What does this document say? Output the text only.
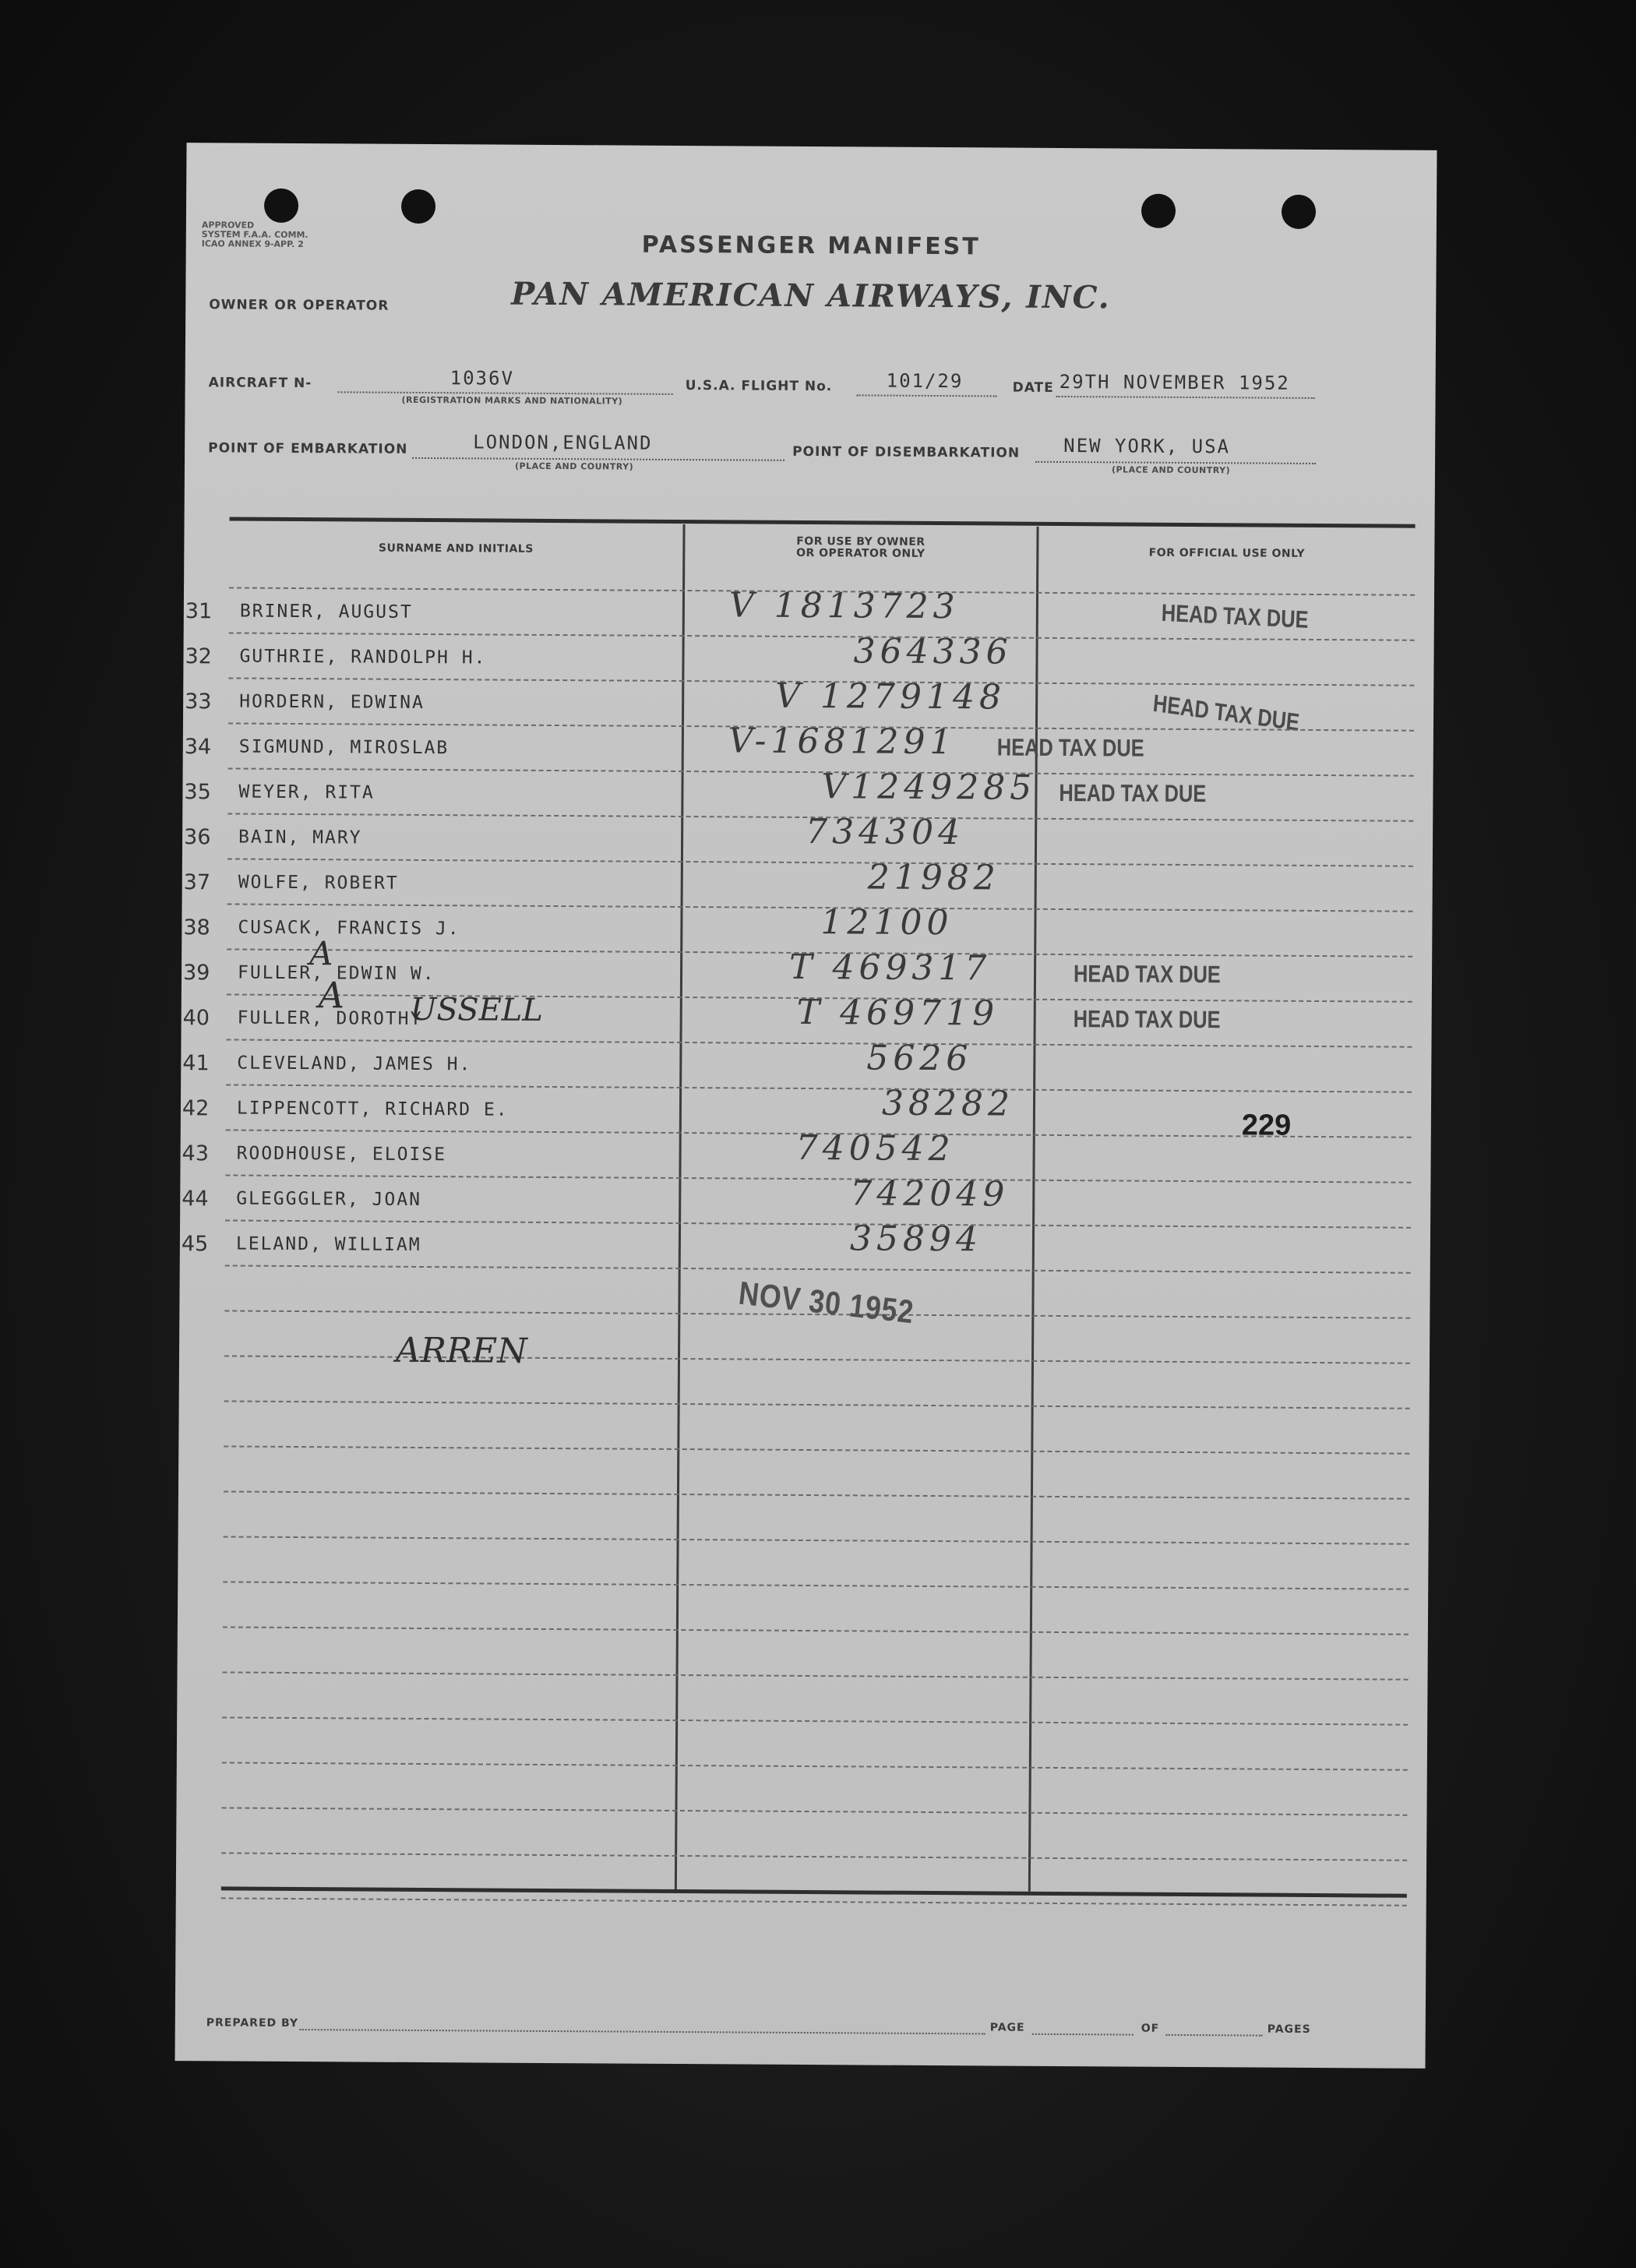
APPROVED
SYSTEM F.A.A. COMM.
ICAO ANNEX 9-APP. 2	PASSENGER MANIFEST
PAN AMERICAN AIRWAYS, INC.
OWNER OR OPERATOR
AIRCRAFT N-	1036V
(REGISTRATION MARKS AND NATIONALITY)
U.S.A. FLIGHT No.	101/29	DATE 29TH NOVEMBER 1952
POINT OF EMBARKATION	LONDON,ENGLAND
(PLACE AND COUNTRY)
POINT OF DISEMBARKATION NEW YORK, USA
(PLACE AND COUNTRY)
SURNAME AND INITIALS
FOR USE BY OWNER
OR OPERATOR ONLY	FOR OFFICIAL USE ONLY
31	BRINER, AUGUST	V 1813723	HEAD TAX DUE
32	GUTHRIE, RANDOLPH H.	364336
33	HORDERN, EDWINA	V 1279148	HEAD TAX DUE
34	SIGMUND, MIROSLAB	V-1681291 HEAD TAX DUE
35	WEYER, RITA	V1249285 HEAD TAX DUE
36	BAIN, MARY	734304
37	WOLFE, ROBERT	21982
38	CUSACK, FRANCIS J.	12100
39	FULLER, EDWIN W.	T 469317	HEAD TAX DUE
40	FULLER, DOROTHY	T 469719	HEAD TAX DUE
41	CLEVELAND, JAMES H.	5626
42	LIPPENCOTT, RICHARD E.	38282
43	ROODHOUSE, ELOISE	740542
229
44	GLEGGGLER, JOAN	742049
45	LELAND, WILLIAM	35894
A
A USSELL
ARREN
NOV 30 1952
PREPARED BY	PAGE	OF	PAGES
